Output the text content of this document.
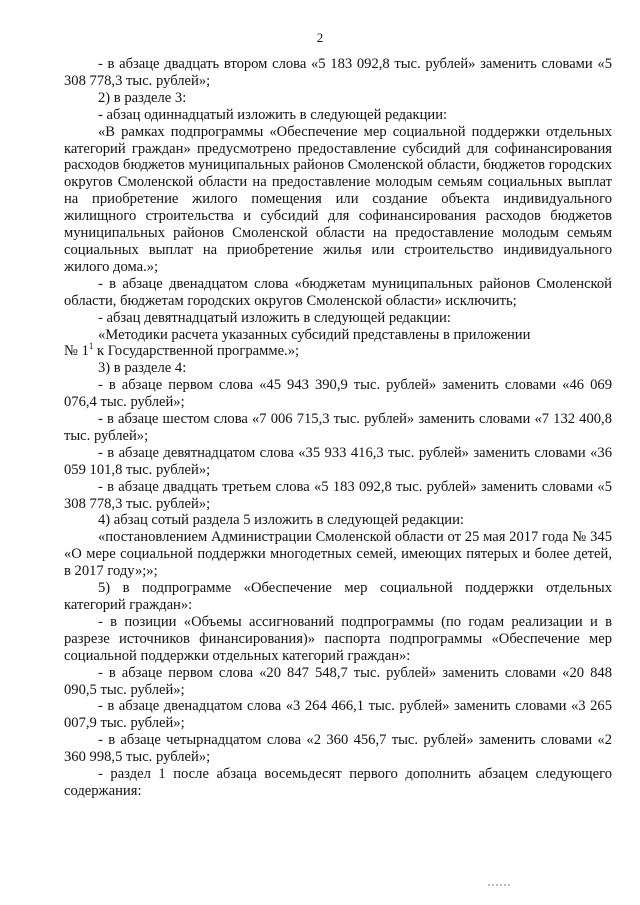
2

- в абзаце двадцать втором слова «5 183 092,8 тыс. рублей» заменить словами «5 308 778,3 тыс. рублей»;

2) в разделе 3:

- абзац одиннадцатый изложить в следующей редакции:

«В рамках подпрограммы «Обеспечение мер социальной поддержки отдельных категорий граждан» предусмотрено предоставление субсидий для софинансирования расходов бюджетов муниципальных районов Смоленской области, бюджетов городских округов Смоленской области на предоставление молодым семьям социальных выплат на приобретение жилого помещения или создание объекта индивидуального жилищного строительства и субсидий для софинансирования расходов бюджетов муниципальных районов Смоленской области на предоставление молодым семьям социальных выплат на приобретение жилья или строительство индивидуального жилого дома.»;

- в абзаце двенадцатом слова «бюджетам муниципальных районов Смоленской области, бюджетам городских округов Смоленской области» исключить;

- абзац девятнадцатый изложить в следующей редакции:

«Методики расчета указанных субсидий представлены в приложении

№ $1^1$ к Государственной программе.»;

3) в разделе 4:

- в абзаце первом слова «45 943 390,9 тыс. рублей» заменить словами «46 069 076,4 тыс. рублей»;

- в абзаце шестом слова «7 006 715,3 тыс. рублей» заменить словами «7 132 400,8 тыс. рублей»;

- в абзаце девятнадцатом слова «35 933 416,3 тыс. рублей» заменить словами «36 059 101,8 тыс. рублей»;

- в абзаце двадцать третьем слова «5 183 092,8 тыс. рублей» заменить словами «5 308 778,3 тыс. рублей»;

4) абзац сотый раздела 5 изложить в следующей редакции:

«постановлением Администрации Смоленской области от 25 мая 2017 года № 345 «О мере социальной поддержки многодетных семей, имеющих пятерых и более детей, в 2017 году»;»;

5) в подпрограмме «Обеспечение мер социальной поддержки отдельных категорий граждан»:

- в позиции «Объемы ассигнований подпрограммы (по годам реализации и в разрезе источников финансирования)» паспорта подпрограммы «Обеспечение мер социальной поддержки отдельных категорий граждан»:

- в абзаце первом слова «20 847 548,7 тыс. рублей» заменить словами «20 848 090,5 тыс. рублей»;

- в абзаце двенадцатом слова «3 264 466,1 тыс. рублей» заменить словами «3 265 007,9 тыс. рублей»;

- в абзаце четырнадцатом слова «2 360 456,7 тыс. рублей» заменить словами «2 360 998,5 тыс. рублей»;

- раздел 1 после абзаца восемьдесят первого дополнить абзацем следующего содержания:
